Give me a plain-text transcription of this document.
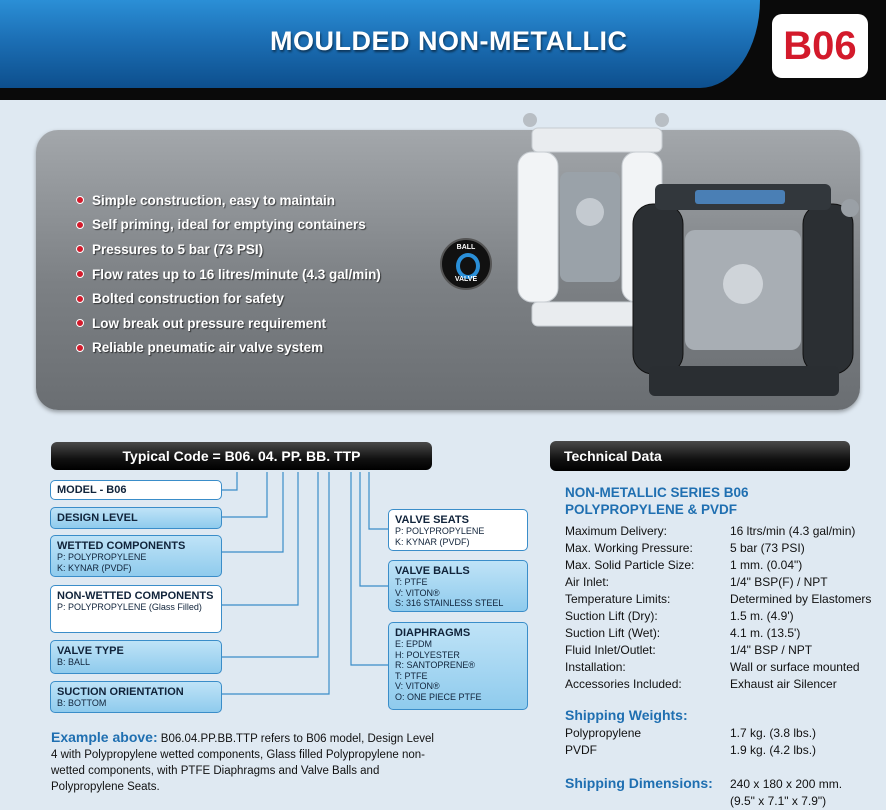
MOULDED NON-METALLIC	B06
Simple construction, easy to maintain
Self priming, ideal for emptying containers
Pressures to 5 bar (73 PSI)
Flow rates up to 16 litres/minute (4.3 gal/min)
Bolted construction for safety
Low break out pressure requirement
Reliable pneumatic air valve system
BALL
VALVE
Typical Code = B06. 04. PP. BB. TTP
MODEL - B06
DESIGN LEVEL
WETTED COMPONENTS
P: POLYPROPYLENE
K: KYNAR (PVDF)
NON-WETTED COMPONENTS
P: POLYPROPYLENE (Glass Filled)
VALVE TYPE
B: BALL
SUCTION ORIENTATION
B: BOTTOM
VALVE SEATS
P: POLYPROPYLENE
K: KYNAR (PVDF)
VALVE BALLS
T: PTFE
V: VITON®
S: 316 STAINLESS STEEL
DIAPHRAGMS
E: EPDM
H: POLYESTER
R: SANTOPRENE®
T: PTFE
V: VITON®
O: ONE PIECE PTFE
Example above: B06.04.PP.BB.TTP refers to B06 model, Design Level 4 with Polypropylene wetted components, Glass filled Polypropylene non-wetted components, with PTFE Diaphragms and Valve Balls and Polypropylene Seats.
Technical Data
NON-METALLIC SERIES B06
POLYPROPYLENE & PVDF
Maximum Delivery:	16 ltrs/min (4.3 gal/min)
Max. Working Pressure:	5 bar (73 PSI)
Max. Solid Particle Size:	1 mm. (0.04")
Air Inlet:	1/4" BSP(F) / NPT
Temperature Limits:	Determined by Elastomers
Suction Lift (Dry):	1.5 m. (4.9')
Suction Lift (Wet):	4.1 m. (13.5')
Fluid Inlet/Outlet:	1/4" BSP / NPT
Installation:	Wall or surface mounted
Accessories Included:	Exhaust air Silencer
Shipping Weights:
Polypropylene	1.7 kg. (3.8 lbs.)
PVDF	1.9 kg. (4.2 lbs.)
Shipping Dimensions: 240 x 180 x 200 mm.
(9.5" x 7.1" x 7.9")
